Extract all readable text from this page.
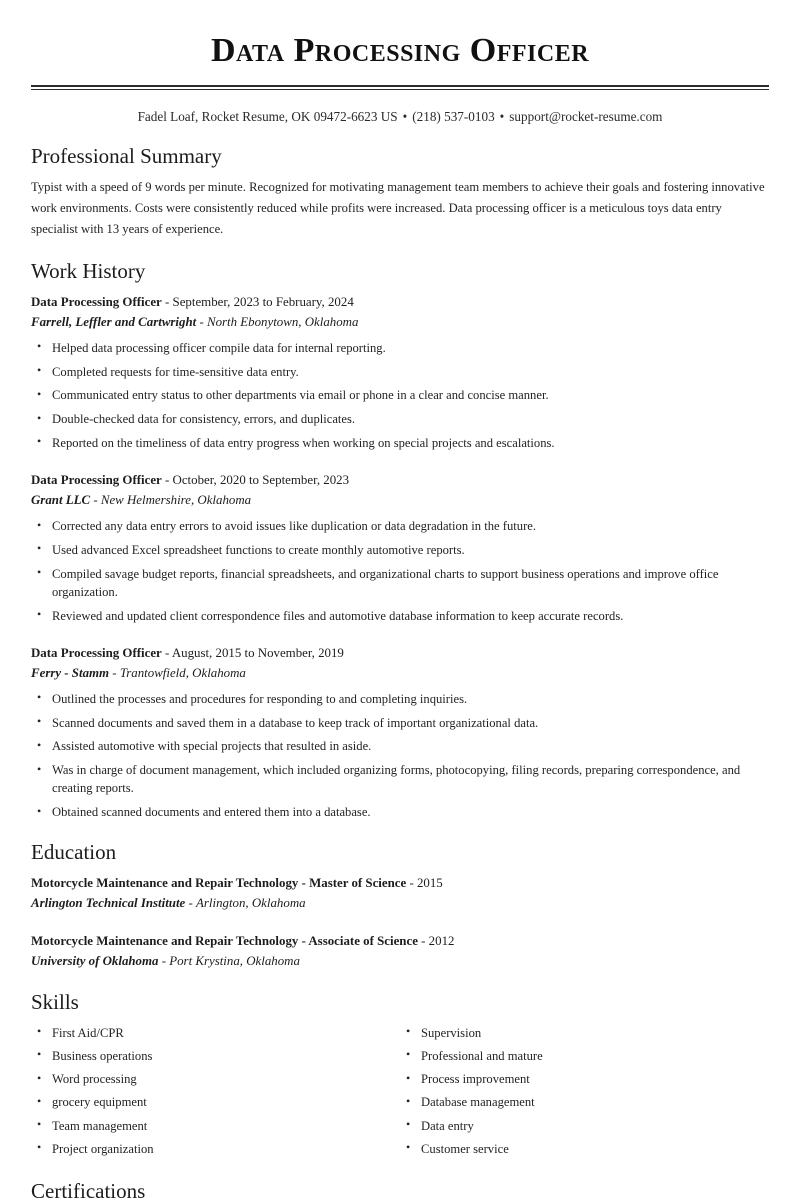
Data Processing Officer
Fadel Loaf, Rocket Resume, OK 09472-6623 US • (218) 537-0103 • support@rocket-resume.com
Professional Summary

Typist with a speed of 9 words per minute. Recognized for motivating management team members to achieve their goals and fostering innovative work environments. Costs were consistently reduced while profits were increased. Data processing officer is a meticulous toys data entry specialist with 13 years of experience.

Work History
Data Processing Officer - September, 2023 to February, 2024
Farrell, Leffler and Cartwright - North Ebonytown, Oklahoma
• Helped data processing officer compile data for internal reporting.
• Completed requests for time-sensitive data entry.
• Communicated entry status to other departments via email or phone in a clear and concise manner.
• Double-checked data for consistency, errors, and duplicates.
• Reported on the timeliness of data entry progress when working on special projects and escalations.
Data Processing Officer - October, 2020 to September, 2023
Grant LLC - New Helmershire, Oklahoma
• Corrected any data entry errors to avoid issues like duplication or data degradation in the future.
• Used advanced Excel spreadsheet functions to create monthly automotive reports.
• Compiled savage budget reports, financial spreadsheets, and organizational charts to support business operations and improve office organization.
• Reviewed and updated client correspondence files and automotive database information to keep accurate records.
Data Processing Officer - August, 2015 to November, 2019
Ferry - Stamm - Trantowfield, Oklahoma
• Outlined the processes and procedures for responding to and completing inquiries.
• Scanned documents and saved them in a database to keep track of important organizational data.
• Assisted automotive with special projects that resulted in aside.
• Was in charge of document management, which included organizing forms, photocopying, filing records, preparing correspondence, and creating reports.
• Obtained scanned documents and entered them into a database.
Education
Motorcycle Maintenance and Repair Technology - Master of Science - 2015
Arlington Technical Institute - Arlington, Oklahoma
Motorcycle Maintenance and Repair Technology - Associate of Science - 2012
University of Oklahoma - Port Krystina, Oklahoma
Skills
• First Aid/CPR
• Business operations
• Word processing
• grocery equipment
• Team management
• Project organization
• Supervision
• Professional and mature
• Process improvement
• Database management
• Data entry
• Customer service
Certifications
